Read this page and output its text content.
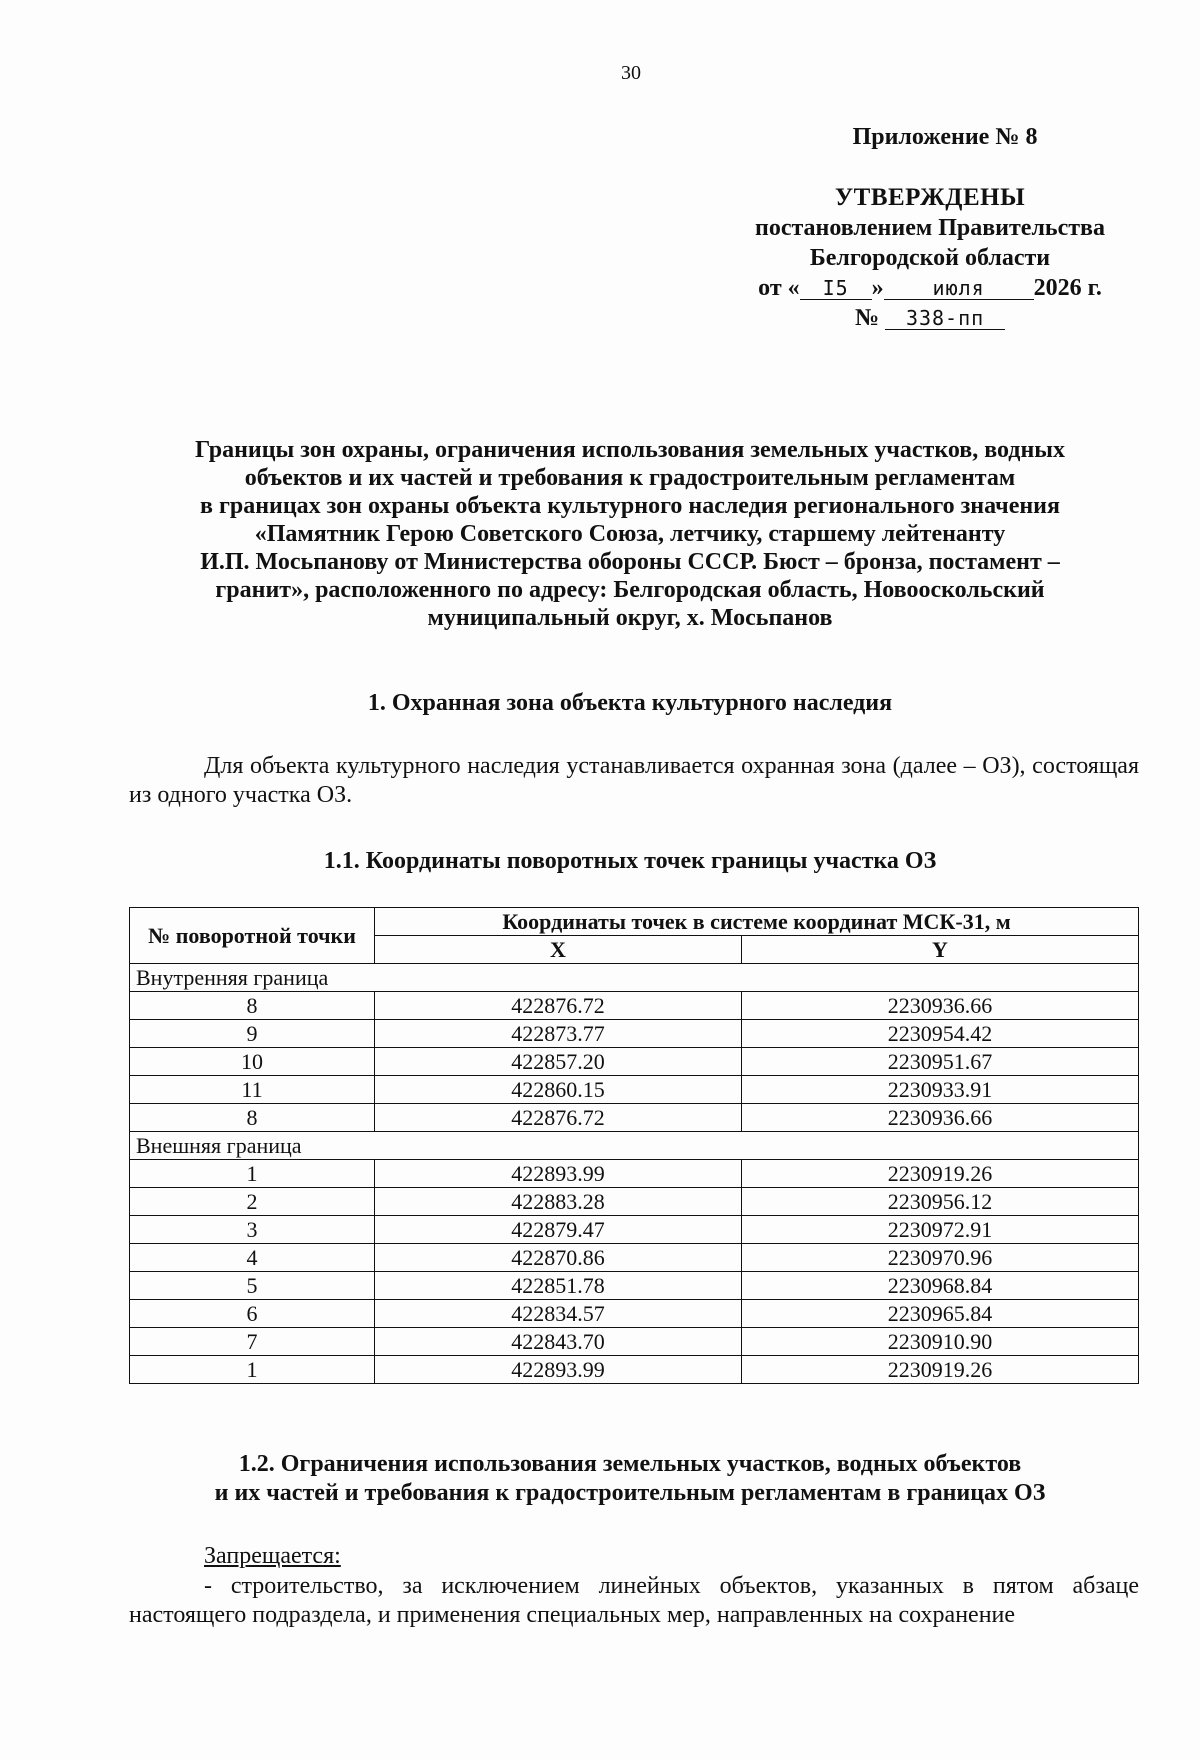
30
Приложение № 8
УТВЕРЖДЕНЫ
постановлением Правительства
Белгородской области
от « I5 » июля 2026 г.
№ 338-пп
Границы зон охраны, ограничения использования земельных участков, водных
объектов и их частей и требования к градостроительным регламентам
в границах зон охраны объекта культурного наследия регионального значения
«Памятник Герою Советского Союза, летчику, старшему лейтенанту
И.П. Мосьпанову от Министерства обороны СССР. Бюст – бронза, постамент –
гранит», расположенного по адресу: Белгородская область, Новооскольский
муниципальный округ, х. Мосьпанов
1. Охранная зона объекта культурного наследия
Для объекта культурного наследия устанавливается охранная зона (далее – ОЗ), состоящая из одного участка ОЗ.
1.1. Координаты поворотных точек границы участка ОЗ
№ поворотной точки	Координаты точек в системе координат МСК-31, м	
	X	Y
Внутренняя граница		
8	422876.72	2230936.66
9	422873.77	2230954.42
10	422857.20	2230951.67
11	422860.15	2230933.91
8	422876.72	2230936.66
Внешняя граница		
1	422893.99	2230919.26
2	422883.28	2230956.12
3	422879.47	2230972.91
4	422870.86	2230970.96
5	422851.78	2230968.84
6	422834.57	2230965.84
7	422843.70	2230910.90
1	422893.99	2230919.26
1.2. Ограничения использования земельных участков, водных объектов
и их частей и требования к градостроительным регламентам в границах ОЗ
Запрещается:
- строительство, за исключением линейных объектов, указанных в пятом абзаце настоящего подраздела, и применения специальных мер, направленных на сохранение
